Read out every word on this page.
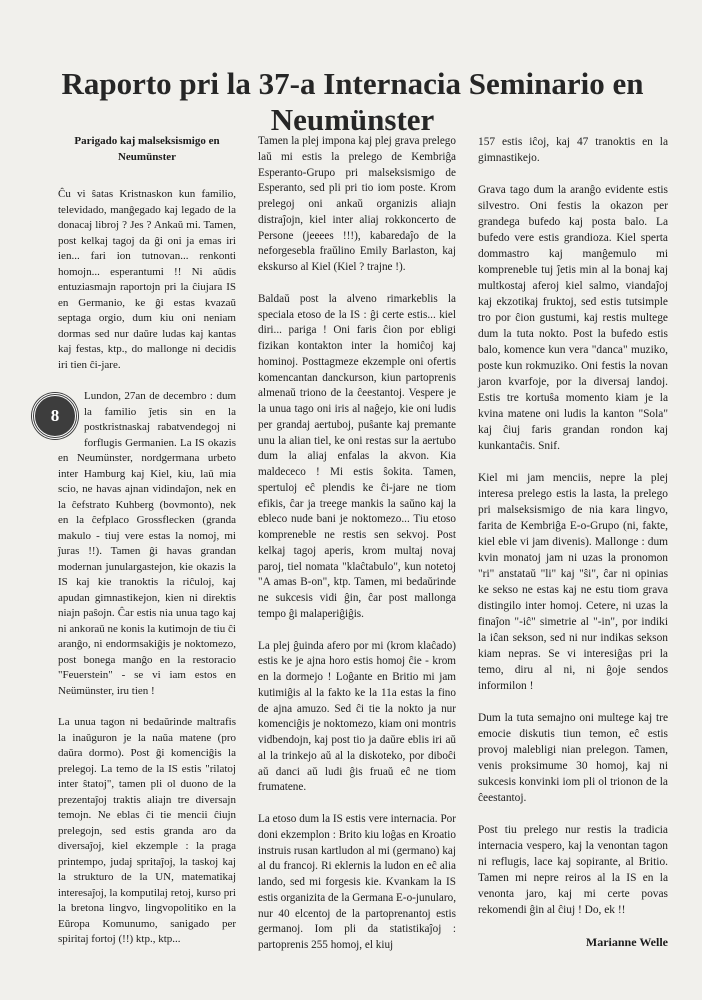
Raporto pri la 37-a Internacia Seminario en Neumünster

Parigado kaj malseksismigo en Neumünster

Ĉu vi ŝatas Kristnaskon kun familio, televidado, manĝegado kaj legado de la donacaj libroj ? Jes ? Ankaŭ mi. Tamen, post kelkaj tagoj da ĝi oni ja emas iri ien... fari ion tutnovan... renkonti homojn... esperantumi !! Ni aŭdis entuziasmajn raportojn pri la ĉiujara IS en Germanio, ke ĝi estas kvazaŭ septaga orgio, dum kiu oni neniam dormas sed nur daŭre ludas kaj kantas kaj festas, ktp., do mallonge ni decidis iri tien ĉi-jare.

8

Lundon, 27an de decembro : dum la familio ĵetis sin en la postkristnaskaj rabatvendegoj ni forflugis Germanien. La IS okazis en Neumünster, nordgermana urbeto inter Hamburg kaj Kiel, kiu, laŭ mia scio, ne havas ajnan vidindaĵon, nek en la ĉefstrato Kuhberg (bovmonto), nek en la ĉefplaco Grossflecken (granda makulo - tiuj vere estas la nomoj, mi ĵuras !!). Tamen ĝi havas grandan modernan junulargastejon, kie okazis la IS kaj kie tranoktis la riĉuloj, kaj apudan gimnastikejon, kien ni direktis niajn paŝojn. Ĉar estis nia unua tago kaj ni ankoraŭ ne konis la kutimojn de tiu ĉi aranĝo, ni endormsakiĝis je noktomezo, post bonega manĝo en la restoracio "Feuerstein" - se vi iam estos en Neümünster, iru tien !

La unua tagon ni bedaŭrinde maltrafis la inaŭguron je la naŭa matene (pro daŭra dormo). Post ĝi komenciĝis la prelegoj. La temo de la IS estis "rilatoj inter ŝtatoj", tamen pli ol duono de la prezentaĵoj traktis aliajn tre diversajn temojn. Ne eblas ĉi tie mencii ĉiujn prelegojn, sed estis granda aro da diversaĵoj, kiel ekzemple : la praga printempo, judaj spritaĵoj, la taskoj kaj la strukturo de la UN, matematikaj interesaĵoj, la komputilaj retoj, kurso pri la bretona lingvo, lingvopolitiko en la Eŭropa Komunumo, sanigado per spiritaj fortoj (!!) ktp., ktp...

Tamen la plej impona kaj plej grava prelego laŭ mi estis la prelego de Kembriĝa Esperanto-Grupo pri malseksismigo de Esperanto, sed pli pri tio iom poste. Krom prelegoj oni ankaŭ organizis aliajn distraĵojn, kiel inter aliaj rokkoncerto de Persone (jeeees !!!), kabaredaĵo de la neforgesebla fraŭlino Emily Barlaston, kaj ekskurso al Kiel (Kiel ? trajne !).

Baldaŭ post la alveno rimarkeblis la speciala etoso de la IS : ĝi certe estis... kiel diri... pariga ! Oni faris ĉion por ebligi fizikan kontakton inter la homiĉoj kaj hominoj. Posttagmeze ekzemple oni ofertis komencantan danckurson, kiun partoprenis almenaŭ triono de la ĉeestantoj. Vespere je la unua tago oni iris al naĝejo, kie oni ludis per grandaj aertuboj, puŝante kaj premante unu la alian tiel, ke oni restas sur la aertubo dum la aliaj enfalas la akvon. Kia maldececo ! Mi estis ŝokita. Tamen, spertuloj eĉ plendis ke ĉi-jare ne tiom efikis, ĉar ja treege mankis la saŭno kaj la ebleco nude bani je noktomezo... Tiu etoso kompreneble ne restis sen sekvoj. Post kelkaj tagoj aperis, krom multaj novaj paroj, tiel nomata "klaĉtabulo", kun notetoj "A amas B-on", ktp. Tamen, mi bedaŭrinde ne sukcesis vidi ĝin, ĉar post mallonga tempo ĝi malaperiĝiĝis.

La plej ĝuinda afero por mi (krom klaĉado) estis ke je ajna horo estis homoj ĉie - krom en la dormejo ! Loĝante en Britio mi jam kutimiĝis al la fakto ke la 11a estas la fino de ajna amuzo. Sed ĉi tie la nokto ja nur komenciĝis je noktomezo, kiam oni montris vidbendojn, kaj post tio ja daŭre eblis iri aŭ al la trinkejo aŭ al la diskoteko, por diboĉi aŭ danci aŭ ludi ĝis fruaŭ eĉ ne tiom frumatene.

La etoso dum la IS estis vere internacia. Por doni ekzemplon : Brito kiu loĝas en Kroatio instruis rusan kartludon al mi (germano) kaj al du francoj. Ri eklernis la ludon en eĉ alia lando, sed mi forgesis kie. Kvankam la IS estis organizita de la Germana E-o-junularo, nur 40 elcentoj de la partoprenantoj estis germanoj. Iom pli da statistikaĵoj : partoprenis 255 homoj, el kiuj

157 estis iĉoj, kaj 47 tranoktis en la gimnastikejo.

Grava tago dum la aranĝo evidente estis silvestro. Oni festis la okazon per grandega bufedo kaj posta balo. La bufedo vere estis grandioza. Kiel sperta dommastro kaj manĝemulo mi kompreneble tuj ĵetis min al la bonaj kaj multkostaj aferoj kiel salmo, viandaĵoj kaj ekzotikaj fruktoj, sed estis tutsimple tro por ĉion gustumi, kaj restis multege dum la tuta nokto. Post la bufedo estis balo, komence kun vera "danca" muziko, poste kun rokmuziko. Oni festis la novan jaron kvarfoje, por la diversaj landoj. Estis tre kortuŝa momento kiam je la kvina matene oni ludis la kanton "Sola" kaj ĉiuj faris grandan rondon kaj kunkantaĉis. Snif.

Kiel mi jam menciis, nepre la plej interesa prelego estis la lasta, la prelego pri malseksismigo de nia kara lingvo, farita de Kembriĝa E-o-Grupo (ni, fakte, kiel eble vi jam divenis). Mallonge : dum kvin monatoj jam ni uzas la pronomon "ri" anstataŭ "li" kaj "ŝi", ĉar ni opinias ke sekso ne estas kaj ne estu tiom grava distingilo inter homoj. Cetere, ni uzas la finaĵon "-iĉ" simetrie al "-in", por indiki la iĉan sekson, sed ni nur indikas sekson kiam nepras. Se vi interesiĝas pri la temo, diru al ni, ni ĝoje sendos informilon !

Dum la tuta semajno oni multege kaj tre emocie diskutis tiun temon, eĉ estis provoj malebligi nian prelegon. Tamen, venis proksimume 30 homoj, kaj ni sukcesis konvinki iom pli ol trionon de la ĉeestantoj.

Post tiu prelego nur restis la tradicia internacia vespero, kaj la venontan tagon ni reflugis, lace kaj sopirante, al Britio. Tamen mi nepre reiros al la IS en la venonta jaro, kaj mi certe povas rekomendi ĝin al ĉiuj ! Do, ek !!

Marianne Welle
